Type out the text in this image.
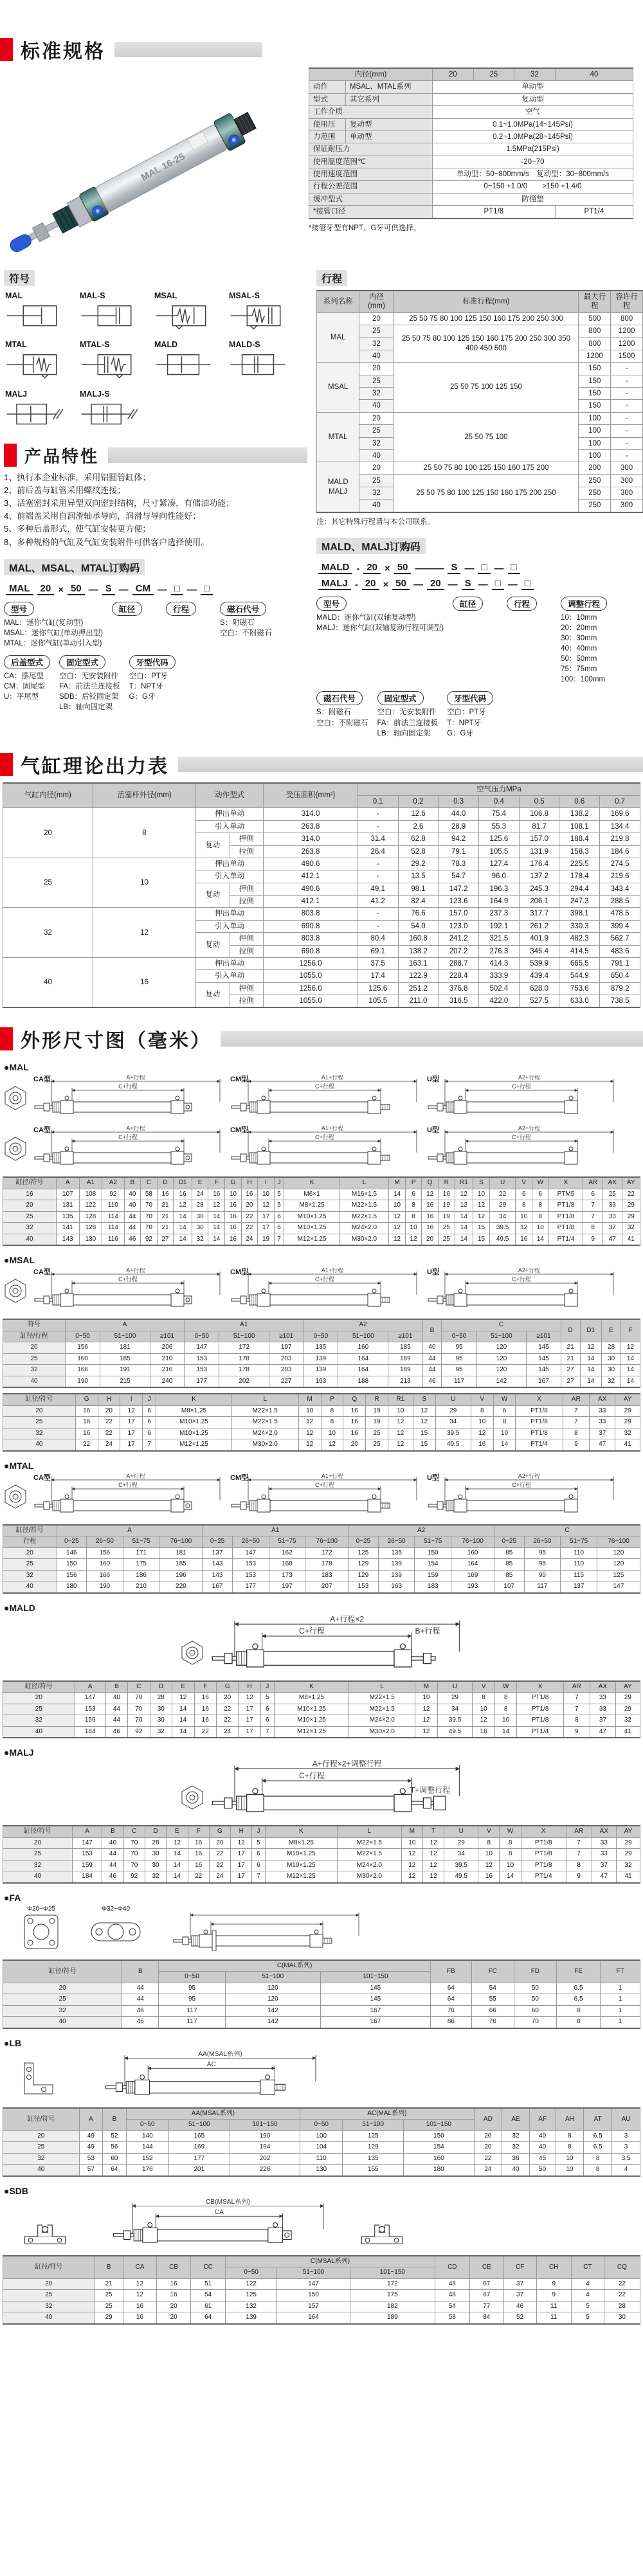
标准规格
MAL 16-25
内径(mm)		20	25	32	40
动作	MSAL、MTAL系列	单动型			
型式	其它系列	复动型			
工作介质		空气			
使用压	复动型	0.1~1.0MPa(14~145Psi)			
力范围	单动型	0.2~1.0MPa(28~145Psi)			
保证耐压力		1.5MPa(215Psi)			
使用温度范围℃		-20~70			
使用速度范围		单动型：50~800mm/s　复动型：30~800mm/s			
行程公差范围		0~150 +1.0/0　　>150 +1.4/0			
缓冲型式		防撞垫			
*接管口径		PT1/8			PT1/4
*接管牙型有NPT、G牙可供选择。
符号
MAL	MAL-S	MSAL	MSAL-S
MTAL	MTAL-S	MALD	MALD-S
MALJ	MALJ-S
产品特性
1、执行本企业标准，采用铝圆管缸体；
2、前后盖与缸管采用螺纹连接；
3、活塞密封采用异型双向密封结构，尺寸紧凑，有储油功能；
4、前端盖采用自润滑轴承导向，润滑与导向性能好；
5、多种后盖形式，使气缸安装更方便；
8、多种规格的气缸及气缸安装附件可供客户选择使用。
MAL、MSAL、MTAL订购码
MAL	20 × 50 — S — CM — □ — □
型号
MAL：迷你气缸(复动型)
MSAL：迷你气缸(单动押出型)
MTAL：迷你气缸(单动引入型)
缸径	行程	磁石代号
S：附磁石
空白：不附磁石
后盖型式
CA：摆尾型
CM：固尾型
U：平尾型
固定型式
空白：无安装附件
FA：前法兰连接板
SDB：后铰固定架
LB：轴向固定架
牙型代码
空白：PT牙
T：NPT牙
G：G牙
行程
系列名称	内径(mm)	标准行程(mm)	最大行程	容许行程
MAL	20	25 50 75 80 100 125 150 160 175 200 250 300	500	800
	25	25 50 75 80 100 125 150 160 175 200 250 300 350 400 450 500	800	1200
	32		800	1200
	40		1200	1500
MSAL	20	25 50 75 100 125 150	150	-
	25		150	-
	32		150	-
	40		150	-
MTAL	20	25 50 75 100	100	-
	25		100	-
	32		100	-
	40		100	-
MALD MALJ	20	25 50 75 80 100 125 150 160 175 200	200	300
	25	25 50 75 80 100 125 150 160 175 200 250	250	300
	32		250	300
	40		250	300
注：其它特殊行程请与本公司联系。
MALD、MALJ订购码
MALD - 20 × 50 ——— S — □ — □
MALJ - 20 × 50 — 20 — S — □ — □
型号
MALD：迷你气缸(双轴复动型)
MALJ：迷你气缸(双轴复动行程可调型)
缸径	行程	调整行程
10：10mm
20：20mm
30：30mm
40：40mm
50：50mm
75：75mm
100：100mm
磁石代号
S：附磁石
空白：不附磁石
固定型式
空白：无安装附件
FA：前法兰连接板
LB：轴向固定架
牙型代码
空白：PT牙
T：NPT牙
G：G牙
气缸理论出力表
气缸内径(mm)	活塞杆外径(mm)	动作型式		受压面积(mm²)	空气压力MPa						
					0.1	0.2	0.3	0.4	0.5	0.6	0.7
20	8	押出单动		314.0	-	12.6	44.0	75.4	106.8	138.2	169.6
		引入单动		263.8	-	2.6	28.9	55.3	81.7	108.1	134.4
		复动	押侧	314.0	31.4	62.8	94.2	125.6	157.0	188.4	219.8
			拉侧	263.8	26.4	52.8	79.1	105.5	131.9	158.3	184.6
25	10	押出单动		490.6	-	29.2	78.3	127.4	176.4	225.5	274.5
		引入单动		412.1	-	13.5	54.7	96.0	137.2	178.4	219.6
		复动	押侧	490.6	49.1	98.1	147.2	196.3	245.3	294.4	343.4
			拉侧	412.1	41.2	82.4	123.6	164.9	206.1	247.3	288.5
32	12	押出单动		803.8	-	76.6	157.0	237.3	317.7	398.1	478.5
		引入单动		690.8	-	54.0	123.0	192.1	261.2	330.3	399.4
		复动	押侧	803.8	80.4	160.8	241.2	321.5	401.9	482.3	562.7
			拉侧	690.8	69.1	138.2	207.2	276.3	345.4	414.5	483.6
40	16	押出单动		1256.0	37.5	163.1	288.7	414.3	539.9	665.5	791.1
		引入单动		1055.0	17.4	122.9	228.4	333.9	439.4	544.9	650.4
		复动	押侧	1256.0	125.6	251.2	376.8	502.4	628.0	753.6	879.2
			拉侧	1055.0	105.5	211.0	316.5	422.0	527.5	633.0	738.5
外形尺寸图（毫米）
●MAL
CA型	A+行程
C+行程
CM型	A1+行程
C+行程
U型	A2+行程
C+行程
CA型	A+行程
C+行程
CM型	A1+行程
C+行程
U型	A2+行程
C+行程
缸径/符号	A	A1	A2	B	C	D	D1	E	F	G	H	I	J	K	L	M	P	Q	R	R1	S	U	V	W	X	AR	AX	AY
16	107	108	92	40	58	16	16	24	16	10	16	10	5	M6×1	M16×1.5	14	6	12	16	12	10	22	6	6	PTM5	6	25	22
20	131	122	110	40	70	21	12	28	12	16	20	12	5	M8×1.25	M22×1.5	10	8	16	19	12	12	29	8	8	PT1/8	7	33	29
25	135	128	114	44	70	21	14	30	14	16	22	17	6	M10×1.25	M22×1.5	12	8	16	19	14	12	34	10	8	PT1/8	7	33	29
32	141	128	114	44	70	21	14	30	14	16	22	17	6	M10×1.25	M24×2.0	12	10	16	25	14	15	39.5	12	10	PT1/8	8	37	32
40	143	130	116	46	92	27	14	32	14	16	24	19	7	M12×1.25	M30×2.0	12	12	20	25	14	15	49.5	16	14	PT1/4	9	47	41
●MSAL
CA型	A+行程
C+行程
CM型	A1+行程
C+行程
U型	A2+行程
C+行程
符号	A			A1			A2			B	C			D	D1	E	F
缸径/行程	0~50	51~100	≥101	0~50	51~100	≥101	0~50	51~100	≥101		0~50	51~100	≥101				
20	156	181	206	147	172	197	135	160	185	40	95	120	145	21	12	28	12
25	160	185	210	153	178	203	139	164	189	44	95	120	145	21	14	30	14
32	166	191	216	153	178	203	139	164	189	44	95	120	145	27	14	30	14
40	190	215	240	177	202	227	163	188	213	46	117	142	167	27	14	32	14
缸径/符号	G	H	I	J	K	L	M	P	Q	R	R1	S	U	V	W	X	AR	AX	AY
20	16	20	12	6	M8×1.25	M22×1.5	10	8	16	19	10	12	29	8	6	PT1/8	7	33	29
25	16	22	17	6	M10×1.25	M22×1.5	12	8	16	19	12	12	34	10	8	PT1/8	7	33	29
32	16	22	17	6	M10×1.25	M24×2.0	12	10	16	25	12	15	39.5	12	10	PT1/8	8	37	32
40	22	24	17	7	M12×1.25	M30×2.0	12	12	20	25	12	15	49.5	16	14	PT1/4	9	47	41
●MTAL
CA型	A+行程
C+行程
CM型	A1+行程
C+行程
U型	A2+行程
C+行程
缸径/符号	A				A1				A2				C			
行程	0~25	26~50	51~75	76~100	0~25	26~50	51~75	76~100	0~25	26~50	51~75	76~100	0~25	26~50	51~75	76~100
20	146	156	171	181	137	147	162	172	125	135	150	160	85	95	110	120
25	150	160	175	185	143	153	168	178	129	139	154	164	85	95	110	120
32	156	166	186	196	143	153	173	183	129	139	159	169	85	95	115	125
40	180	190	210	220	167	177	197	207	153	163	183	193	107	117	137	147
●MALD
A+行程×2
C+行程	B+行程
缸径/符号	A	B	C	D	E	F	G	H	J	K	L	M	U	V	W	X	AR	AX	AY
20	147	40	70	28	12	16	20	12	5	M8×1.25	M22×1.5	10	29	8	8	PT1/8	7	33	29
25	153	44	70	30	14	16	22	17	6	M10×1.25	M22×1.5	12	34	10	8	PT1/8	7	33	29
32	159	44	70	30	14	16	22	17	6	M10×1.25	M24×2.0	12	39.5	12	10	PT1/8	8	37	32
40	184	46	92	32	14	22	24	17	7	M12×1.25	M30×2.0	12	49.5	16	14	PT1/4	9	47	41
●MALJ
A+行程×2+调整行程
C+行程
T+调整行程
缸径/符号	A	B	C	D	E	F	G	H	J	K	L	M	T	U	V	W	X	AR	AX	AY
20	147	40	70	28	12	16	20	12	5	M8×1.25	M22×1.5	10	12	29	8	8	PT1/8	7	33	29
25	153	44	70	30	14	16	22	17	6	M10×1.25	M22×1.5	12	12	34	10	8	PT1/8	7	33	29
32	159	44	70	30	14	16	22	17	6	M10×1.25	M24×2.0	12	12	39.5	12	10	PT1/8	8	37	32
40	184	46	92	32	14	22	24	17	7	M12×1.25	M30×2.0	12	12	49.5	16	14	PT1/4	9	47	41
●FA
Φ20~Φ25	Φ32~Φ40
缸径/符号	B	C(MAL系列)			FB	FC	FD	FE	FT
		0~50	51~100	101~150					
20	44	95	120	145	64	54	50	6.5	1
25	44	95	120	145	64	55	50	6.5	1
32	46	117	142	167	76	66	60	8	1
40	46	117	142	167	86	76	70	8	1
●LB
AA(MSAL系列)
AC
缸径/符号	A	B	AA(MSAL系列)			AC(MAL系列)			AD	AE	AF	AH	AT	AU
			0~50	51~100	101~150	0~50	51~100	101~150						
20	49	52	140	165	190	100	125	150	20	32	40	8	6.5	3
25	49	56	144	169	194	104	129	154	20	32	40	8	6.5	3
32	53	60	152	177	202	110	135	160	22	36	45	10	8	3.5
40	57	64	176	201	226	130	155	180	24	40	50	10	8	4
●SDB
CB(MSAL系列)
CA
缸径/符号	B	CA	CB	CC	C(MSAL系列)			CD	CE	CF	CH	CT	CQ
					0~50	51~100	101~150						
20	21	12	16	51	122	147	172	48	67	37	9	4	22
25	25	12	16	54	125	150	175	48	67	37	9	4	22
32	25	16	20	61	132	157	182	54	77	46	11	5	28
40	29	16	20	64	139	164	189	58	84	52	11	5	30
